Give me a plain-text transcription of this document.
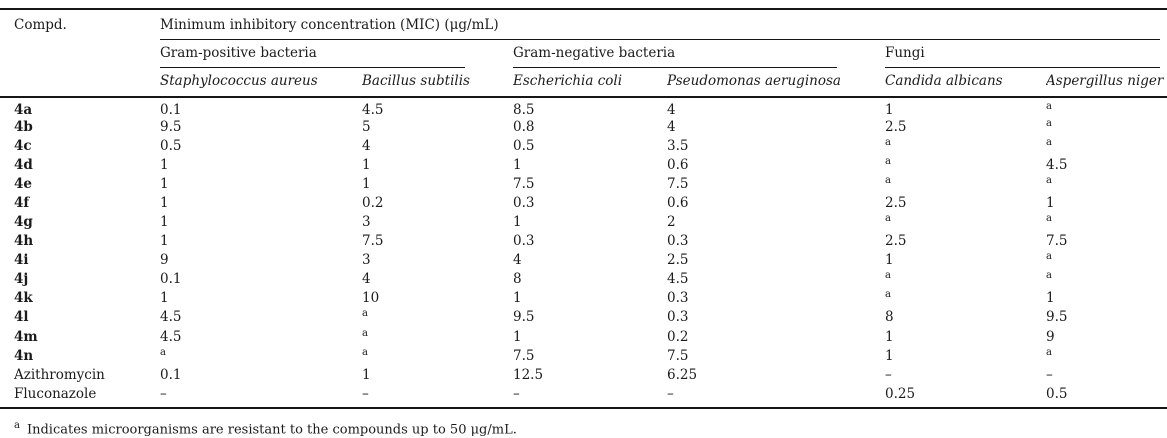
Compd.	Minimum inhibitory concentration (MIC) (μg/mL)					

	Gram-positive bacteria		Gram-negative bacteria		Fungi	

	Staphylococcus aureus	Bacillus subtilis	Escherichia coli	Pseudomonas aeruginosa	Candida albicans	Aspergillus niger
4a	0.1	4.5	8.5	4	1	$^a$
4b	9.5	5	0.8	4	2.5	$^a$
4c	0.5	4	0.5	3.5	$^a$	$^a$
4d	1	1	1	0.6	$^a$	4.5
4e	1	1	7.5	7.5	$^a$	$^a$
4f	1	0.2	0.3	0.6	2.5	1
4g	1	3	1	2	$^a$	$^a$
4h	1	7.5	0.3	0.3	2.5	7.5
4i	9	3	4	2.5	1	$^a$
4j	0.1	4	8	4.5	$^a$	$^a$
4k	1	10	1	0.3	$^a$	1
4l	4.5	$^a$	9.5	0.3	8	9.5
4m	4.5	$^a$	1	0.2	1	9
4n	$^a$	$^a$	7.5	7.5	1	$^a$
Azithromycin	0.1	1	12.5	6.25	–	–
Fluconazole	–	–	–	–	0.25	0.5
$^a$ Indicates microorganisms are resistant to the compounds up to 50 μg/mL.
